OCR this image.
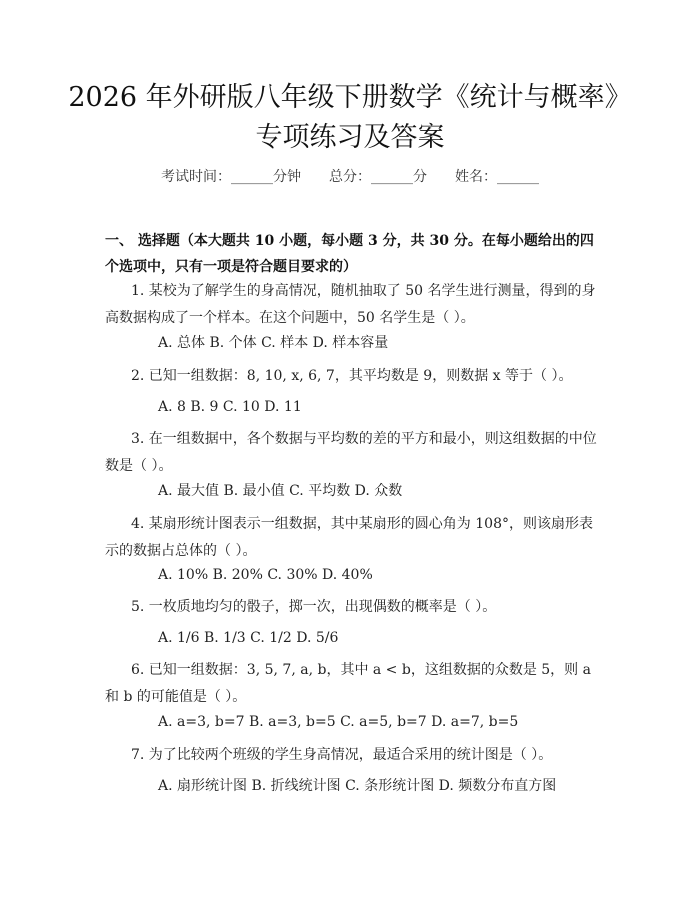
2026 年外研版八年级下册数学《统计与概率》专项练习及答案
考试时间：______分钟 总分：______分 姓名：______
一、 选择题（本大题共 10 小题，每小题 3 分，共 30 分。在每小题给出的四个选项中，只有一项是符合题目要求的）
1. 某校为了解学生的身高情况，随机抽取了 50 名学生进行测量，得到的身高数据构成了一个样本。在这个问题中，50 名学生是（ ）。
A. 总体 B. 个体 C. 样本 D. 样本容量
2. 已知一组数据：8, 10, x, 6, 7，其平均数是 9，则数据 x 等于（ ）。
A. 8 B. 9 C. 10 D. 11
3. 在一组数据中，各个数据与平均数的差的平方和最小，则这组数据的中位数是（ ）。
A. 最大值 B. 最小值 C. 平均数 D. 众数
4. 某扇形统计图表示一组数据，其中某扇形的圆心角为 108°，则该扇形表示的数据占总体的（ ）。
A. 10% B. 20% C. 30% D. 40%
5. 一枚质地均匀的骰子，掷一次，出现偶数的概率是（ ）。
A. 1/6 B. 1/3 C. 1/2 D. 5/6
6. 已知一组数据：3, 5, 7, a, b，其中 a < b，这组数据的众数是 5，则 a 和 b 的可能值是（ ）。
A. a=3, b=7 B. a=3, b=5 C. a=5, b=7 D. a=7, b=5
7. 为了比较两个班级的学生身高情况，最适合采用的统计图是（ ）。
A. 扇形统计图 B. 折线统计图 C. 条形统计图 D. 频数分布直方图
